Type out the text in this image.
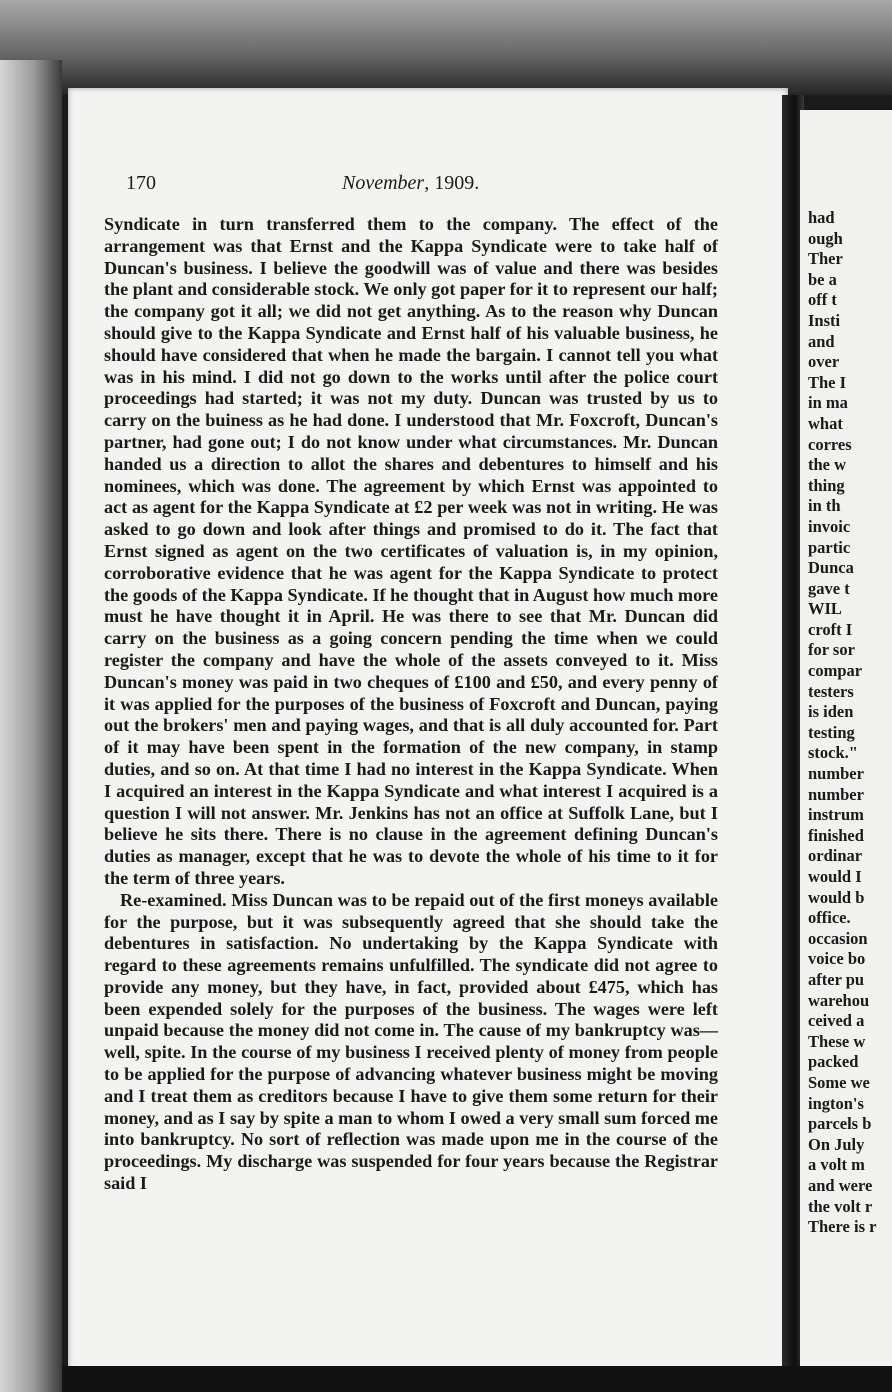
had
ough
Ther
be a
off t
Insti
and
over
The I
in ma
what
corres
the w
thing
in th
invoic
partic
Dunca
gave t
WIL
croft I
for sor
compar
testers
is iden
testing
stock."
number
number
instrum
finished
ordinar
would I
would b
office.
occasion
voice bo
after pu
warehou
ceived a
These w
packed
Some we
ington's
parcels b
On July
a volt m
and were
the volt r
There is r
170	November, 1909.

Syndicate in turn transferred them to the company. The effect of the arrangement was that Ernst and the Kappa Syndicate were to take half of Duncan's business. I believe the goodwill was of value and there was besides the plant and considerable stock. We only got paper for it to represent our half; the company got it all; we did not get anything. As to the reason why Duncan should give to the Kappa Syndicate and Ernst half of his valuable business, he should have considered that when he made the bargain. I cannot tell you what was in his mind. I did not go down to the works until after the police court proceedings had started; it was not my duty. Duncan was trusted by us to carry on the buiness as he had done. I understood that Mr. Foxcroft, Duncan's partner, had gone out; I do not know under what circumstances. Mr. Duncan handed us a direction to allot the shares and debentures to himself and his nominees, which was done. The agreement by which Ernst was appointed to act as agent for the Kappa Syndicate at £2 per week was not in writing. He was asked to go down and look after things and promised to do it. The fact that Ernst signed as agent on the two certificates of valuation is, in my opinion, corroborative evidence that he was agent for the Kappa Syndicate to protect the goods of the Kappa Syndicate. If he thought that in August how much more must he have thought it in April. He was there to see that Mr. Duncan did carry on the business as a going concern pending the time when we could register the company and have the whole of the assets conveyed to it. Miss Duncan's money was paid in two cheques of £100 and £50, and every penny of it was applied for the purposes of the business of Foxcroft and Duncan, paying out the brokers' men and paying wages, and that is all duly accounted for. Part of it may have been spent in the formation of the new company, in stamp duties, and so on. At that time I had no interest in the Kappa Syndicate. When I acquired an interest in the Kappa Syndicate and what interest I acquired is a question I will not answer. Mr. Jenkins has not an office at Suffolk Lane, but I believe he sits there. There is no clause in the agreement defining Duncan's duties as manager, except that he was to devote the whole of his time to it for the term of three years.

Re-examined. Miss Duncan was to be repaid out of the first moneys available for the purpose, but it was subsequently agreed that she should take the debentures in satisfaction. No undertaking by the Kappa Syndicate with regard to these agreements remains unfulfilled. The syndicate did not agree to provide any money, but they have, in fact, provided about £475, which has been expended solely for the purposes of the business. The wages were left unpaid because the money did not come in. The cause of my bankruptcy was—well, spite. In the course of my business I received plenty of money from people to be applied for the purpose of advancing whatever business might be moving and I treat them as creditors because I have to give them some return for their money, and as I say by spite a man to whom I owed a very small sum forced me into bankruptcy. No sort of reflection was made upon me in the course of the proceedings. My discharge was suspended for four years because the Registrar said I
